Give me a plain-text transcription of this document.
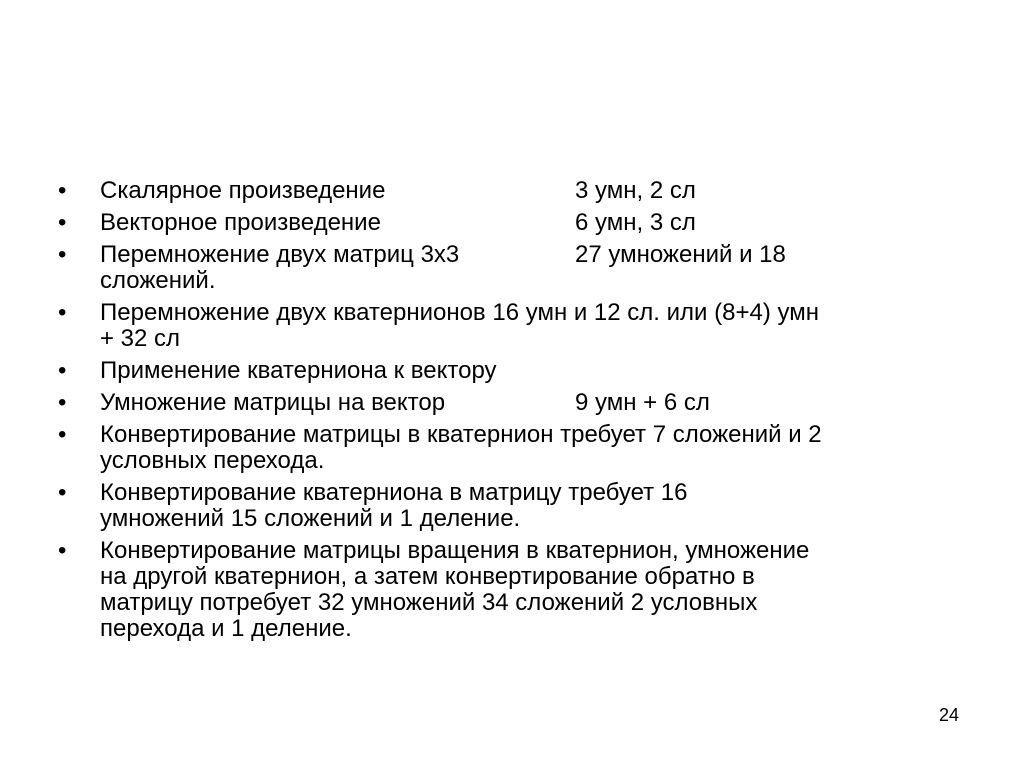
•	Скалярное произведение	3 умн, 2 сл
•	Векторное произведение	6 умн, 3 сл
•	Перемножение двух матриц 3х3	27 умножений и 18
сложений.
•	Перемножение двух кватернионов 16 умн и 12 сл. или (8+4) умн
+ 32 сл
•	Применение кватерниона к вектору
•	Умножение матрицы на вектор	9 умн + 6 сл
•	Конвертирование матрицы в кватернион требует 7 сложений и 2
условных перехода.
•	Конвертирование кватерниона в матрицу требует 16
умножений 15 сложений и 1 деление.
•	Конвертирование матрицы вращения в кватернион, умножение
на другой кватернион, а затем конвертирование обратно в
матрицу потребует 32 умножений 34 сложений 2 условных
перехода и 1 деление.
24
